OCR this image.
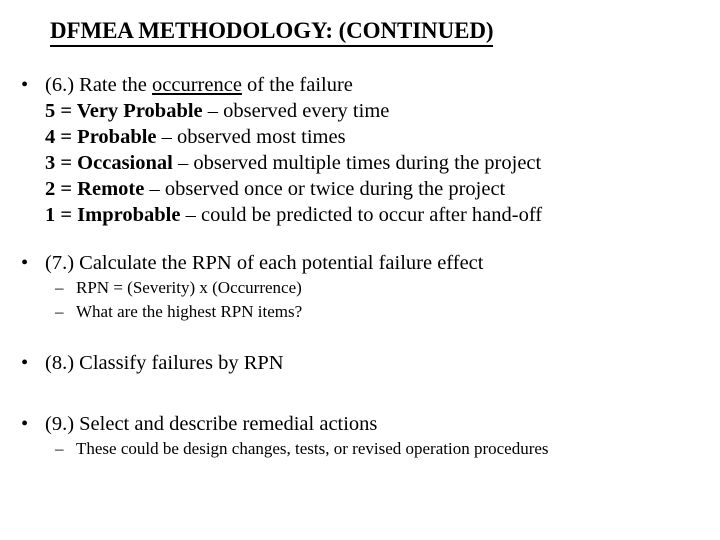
DFMEA METHODOLOGY: (CONTINUED)
• (6.) Rate the occurrence of the failure
5 = Very Probable – observed every time
4 = Probable – observed most times
3 = Occasional – observed multiple times during the project
2 = Remote – observed once or twice during the project
1 = Improbable – could be predicted to occur after hand-off
• (7.) Calculate the RPN of each potential failure effect
– RPN = (Severity) x (Occurrence)
– What are the highest RPN items?
• (8.) Classify failures by RPN
• (9.) Select and describe remedial actions
– These could be design changes, tests, or revised operation procedures
